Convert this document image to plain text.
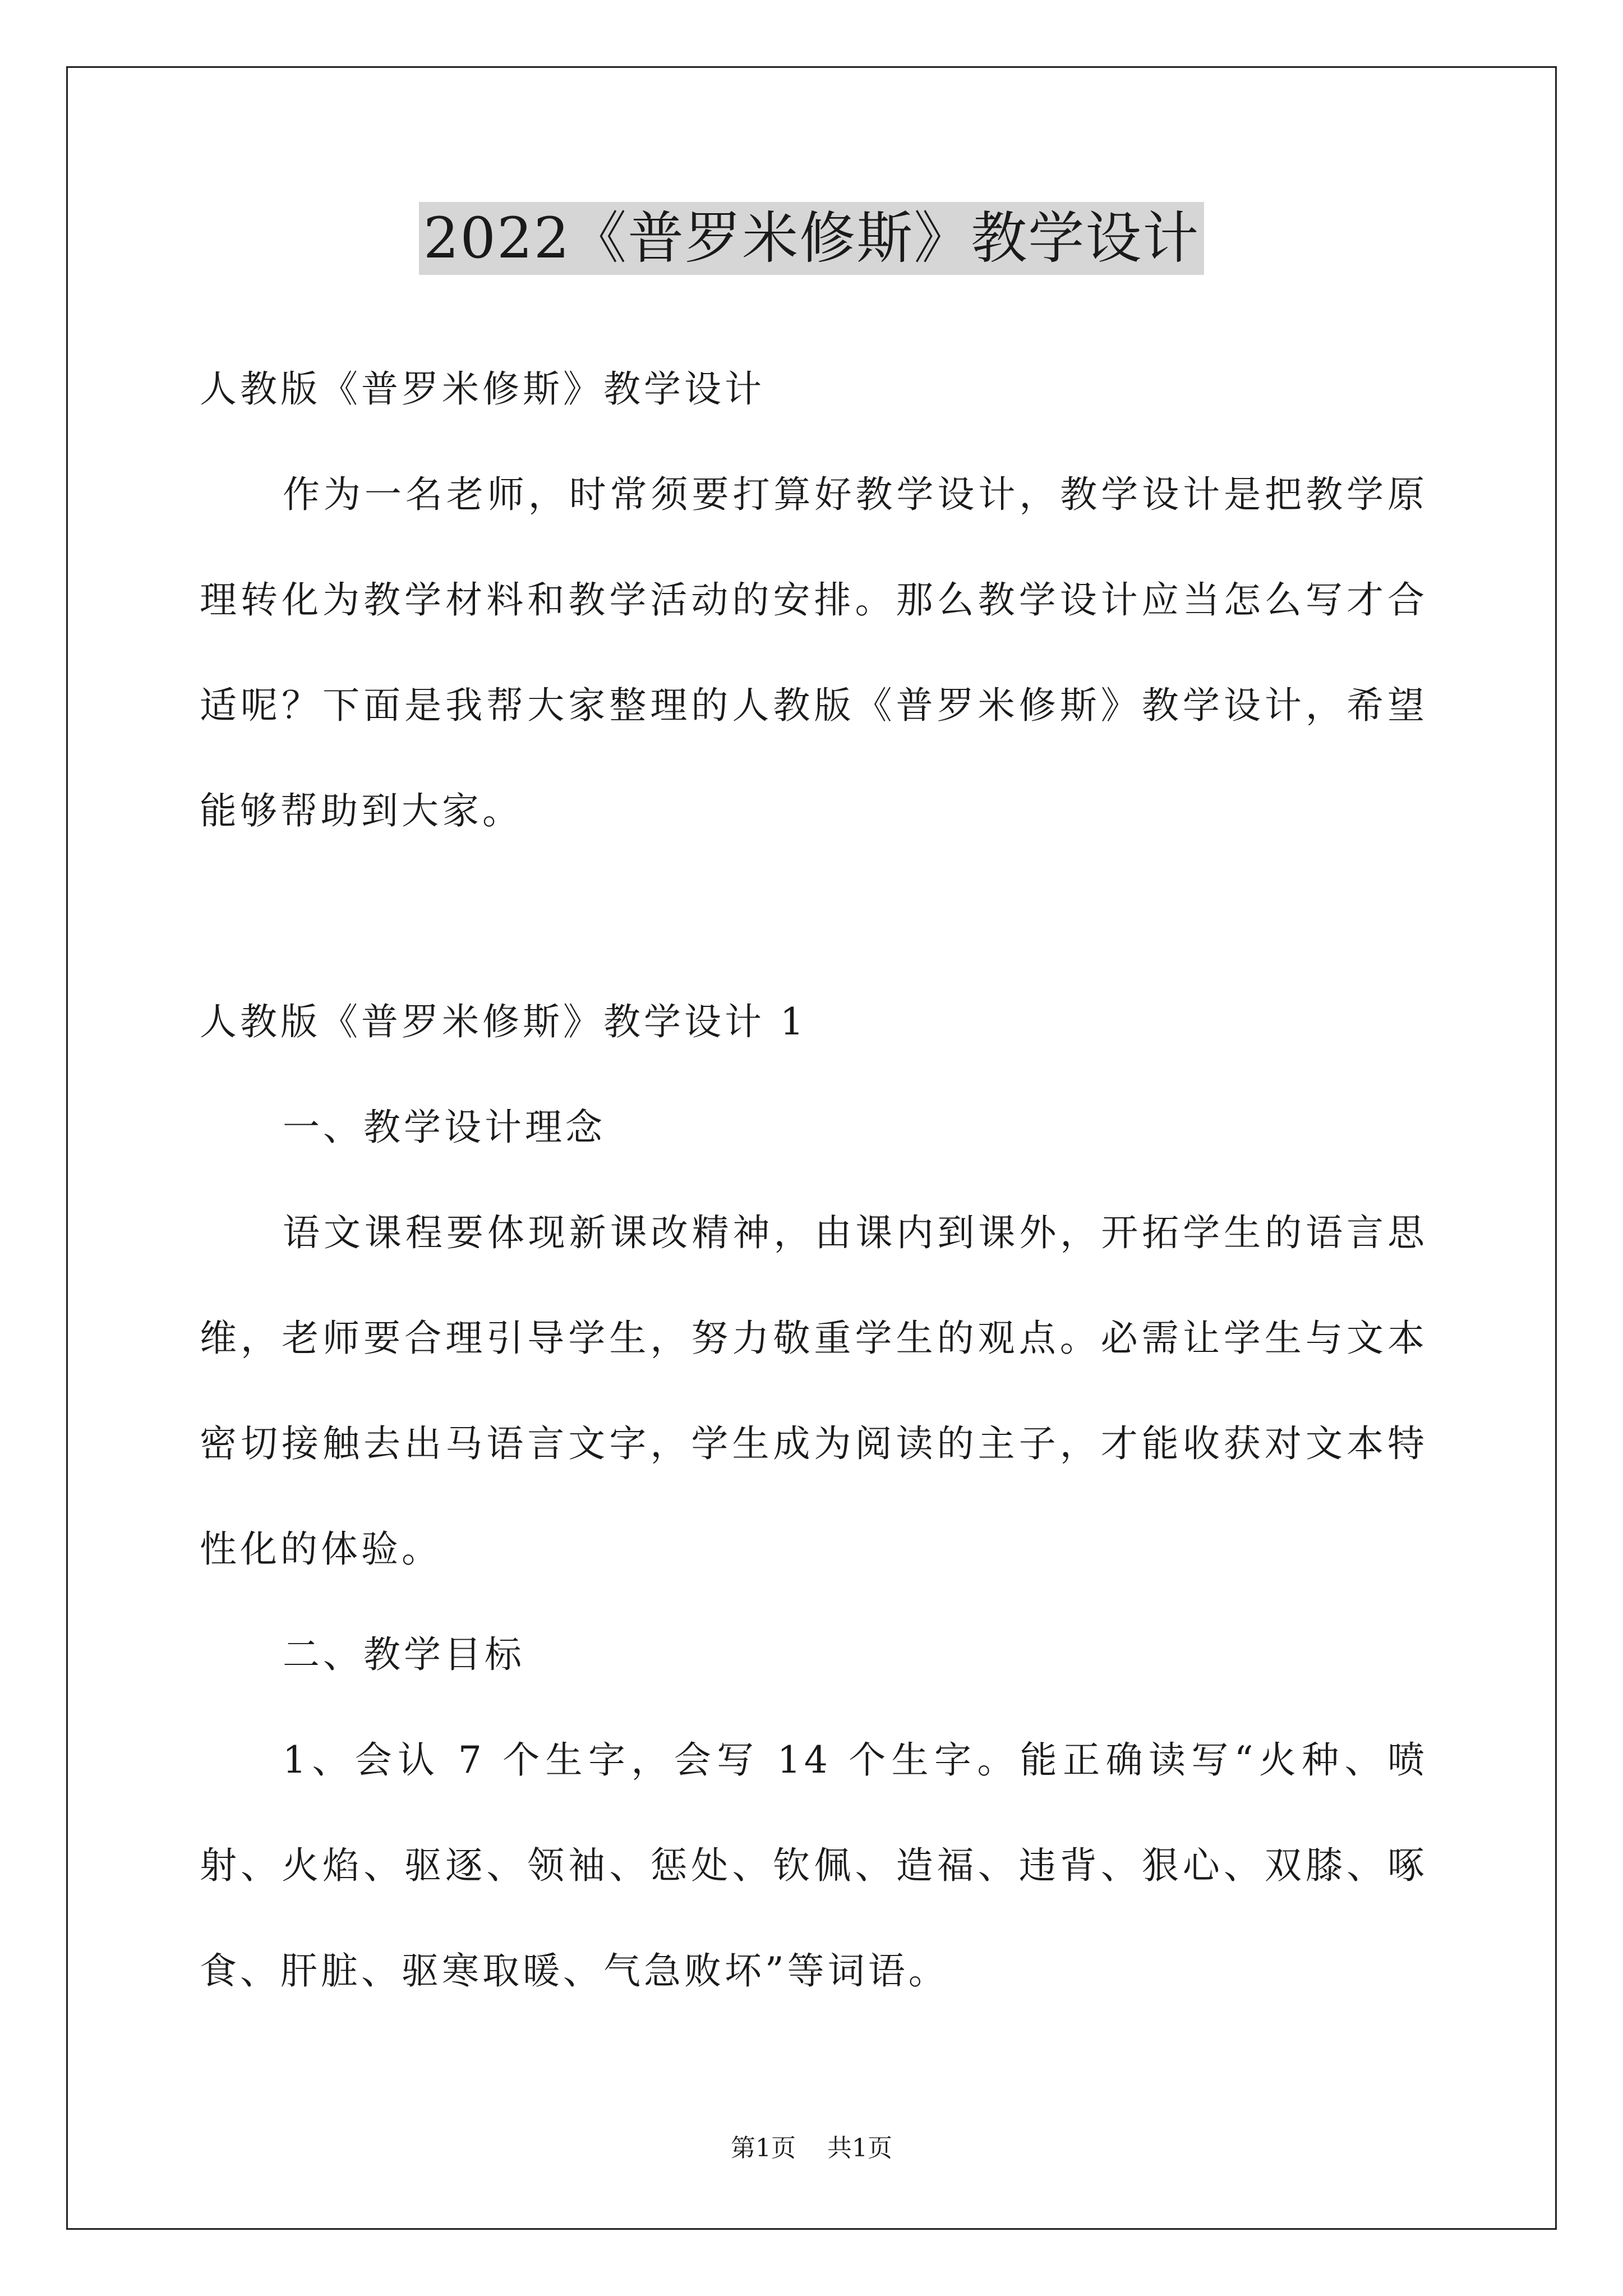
2022《普罗米修斯》教学设计

人教版《普罗米修斯》教学设计

作为一名老师，时常须要打算好教学设计，教学设计是把教学原理转化为教学材料和教学活动的安排。那么教学设计应当怎么写才合适呢？下面是我帮大家整理的人教版《普罗米修斯》教学设计，希望能够帮助到大家。

人教版《普罗米修斯》教学设计 1

一、教学设计理念

语文课程要体现新课改精神，由课内到课外，开拓学生的语言思维，老师要合理引导学生，努力敬重学生的观点。必需让学生与文本密切接触去出马语言文字，学生成为阅读的主子，才能收获对文本特性化的体验。

二、教学目标

1、会认 7 个生字，会写 14 个生字。能正确读写“火种、喷射、火焰、驱逐、领袖、惩处、钦佩、造福、违背、狠心、双膝、啄食、肝脏、驱寒取暖、气急败坏”等词语。

第1页 共1页
